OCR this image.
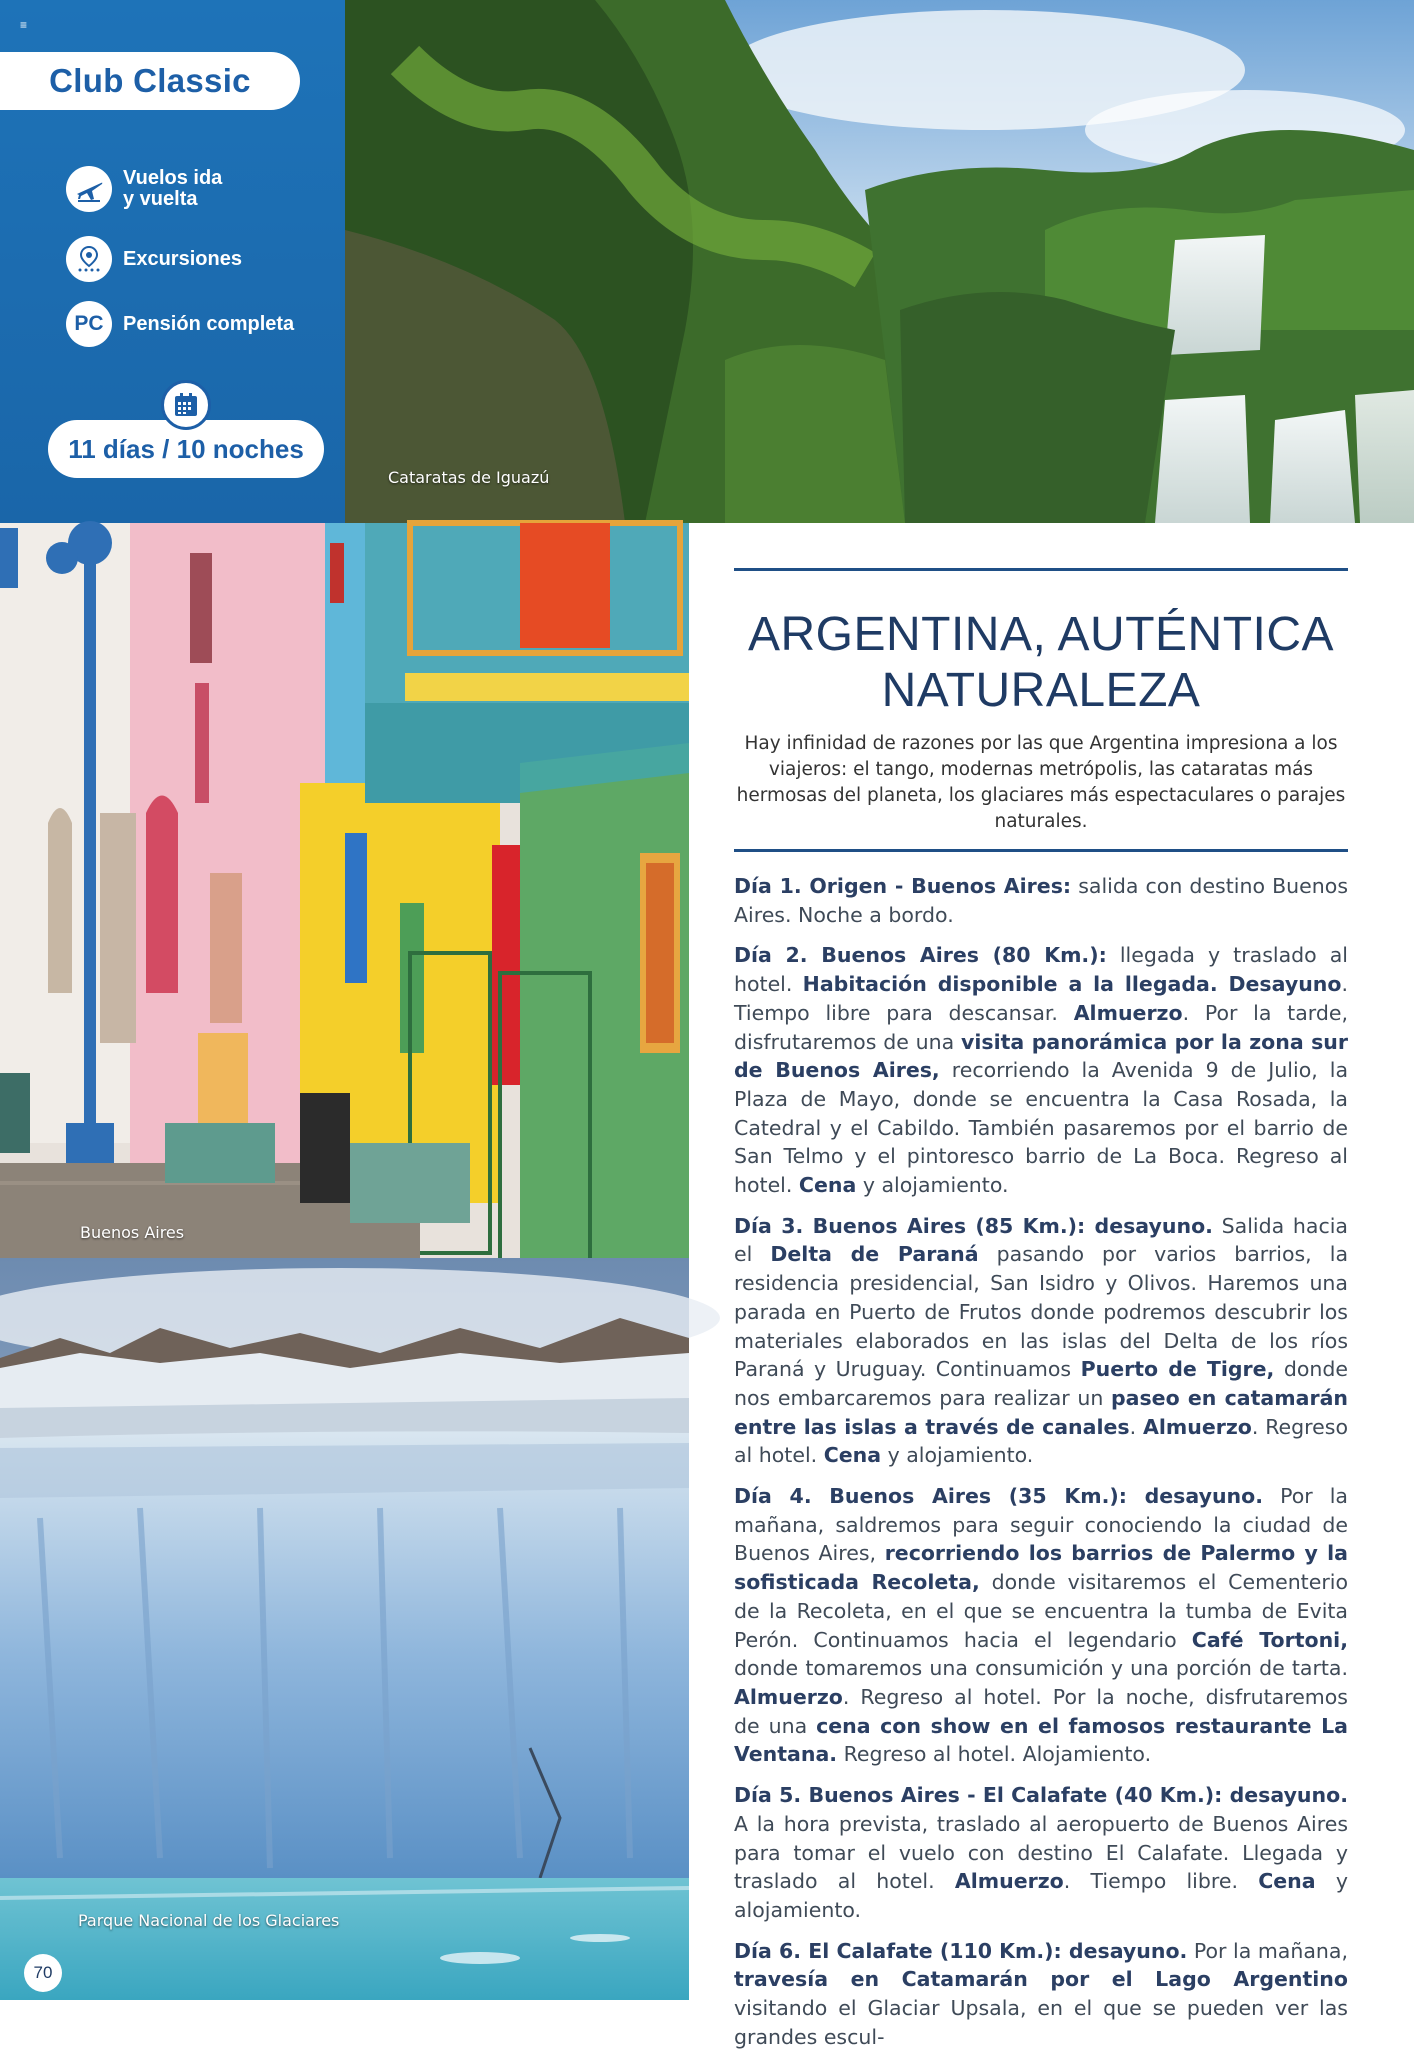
≡
Club Classic
Vuelos ida
y vuelta
Excursiones
PC Pensión completa
11 días / 10 noches
Cataratas de Iguazú
Buenos Aires
Parque Nacional de los Glaciares
70
ARGENTINA, AUTÉNTICA NATURALEZA
Hay infinidad de razones por las que Argentina impresiona a los viajeros: el tango, modernas metrópolis, las cataratas más hermosas del planeta, los glaciares más espectaculares o parajes naturales.

Día 1. Origen - Buenos Aires: salida con destino Buenos Aires. Noche a bordo.

Día 2. Buenos Aires (80 Km.): llegada y traslado al hotel. Habitación disponible a la llegada. Desayuno. Tiempo libre para descansar. Almuerzo. Por la tarde, disfrutaremos de una visita panorámica por la zona sur de Buenos Aires, recorriendo la Avenida 9 de Julio, la Plaza de Mayo, donde se encuentra la Casa Rosada, la Catedral y el Cabildo. También pasaremos por el barrio de San Telmo y el pintoresco barrio de La Boca. Regreso al hotel. Cena y alojamiento.

Día 3. Buenos Aires (85 Km.): desayuno. Salida hacia el Delta de Paraná pasando por varios barrios, la residencia presidencial, San Isidro y Olivos. Haremos una parada en Puerto de Frutos donde podremos descubrir los materiales elaborados en las islas del Delta de los ríos Paraná y Uruguay. Continuamos Puerto de Tigre, donde nos embarcaremos para realizar un paseo en catamarán entre las islas a través de canales. Almuerzo. Regreso al hotel. Cena y alojamiento.

Día 4. Buenos Aires (35 Km.): desayuno. Por la mañana, saldremos para seguir conociendo la ciudad de Buenos Aires, recorriendo los barrios de Palermo y la sofisticada Recoleta, donde visitaremos el Cementerio de la Recoleta, en el que se encuentra la tumba de Evita Perón. Continuamos hacia el legendario Café Tortoni, donde tomaremos una consumición y una porción de tarta. Almuerzo. Regreso al hotel. Por la noche, disfrutaremos de una cena con show en el famosos restaurante La Ventana. Regreso al hotel. Alojamiento.

Día 5. Buenos Aires - El Calafate (40 Km.): desayuno. A la hora prevista, traslado al aeropuerto de Buenos Aires para tomar el vuelo con destino El Calafate. Llegada y traslado al hotel. Almuerzo. Tiempo libre. Cena y alojamiento.

Día 6. El Calafate (110 Km.): desayuno. Por la mañana, travesía en Catamarán por el Lago Argentino visitando el Glaciar Upsala, en el que se pueden ver las grandes escul-
